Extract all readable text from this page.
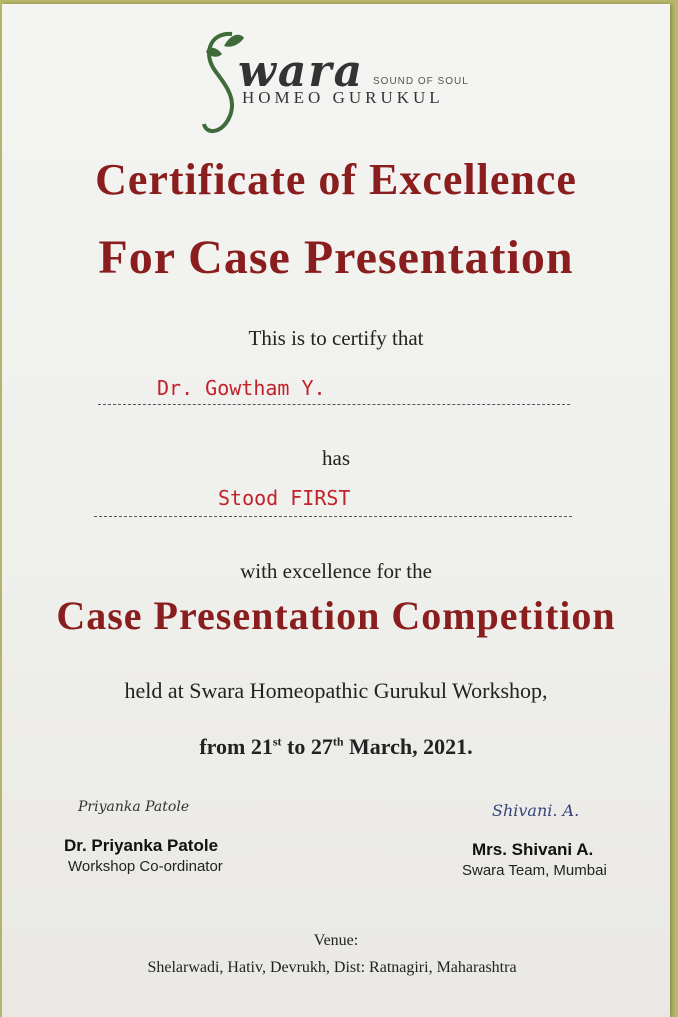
wara SOUND OF SOUL
HOMEO GURUKUL
Certificate of Excellence
For Case Presentation
This is to certify that
Dr. Gowtham Y.
has
Stood FIRST
with excellence for the
Case Presentation Competition
held at Swara Homeopathic Gurukul Workshop,
from 21st to 27th March, 2021.
Priyanka Patole
Dr. Priyanka Patole
Workshop Co-ordinator
Shivani. A.
Mrs. Shivani A.
Swara Team, Mumbai
Venue:
Shelarwadi, Hativ, Devrukh, Dist: Ratnagiri, Maharashtra
